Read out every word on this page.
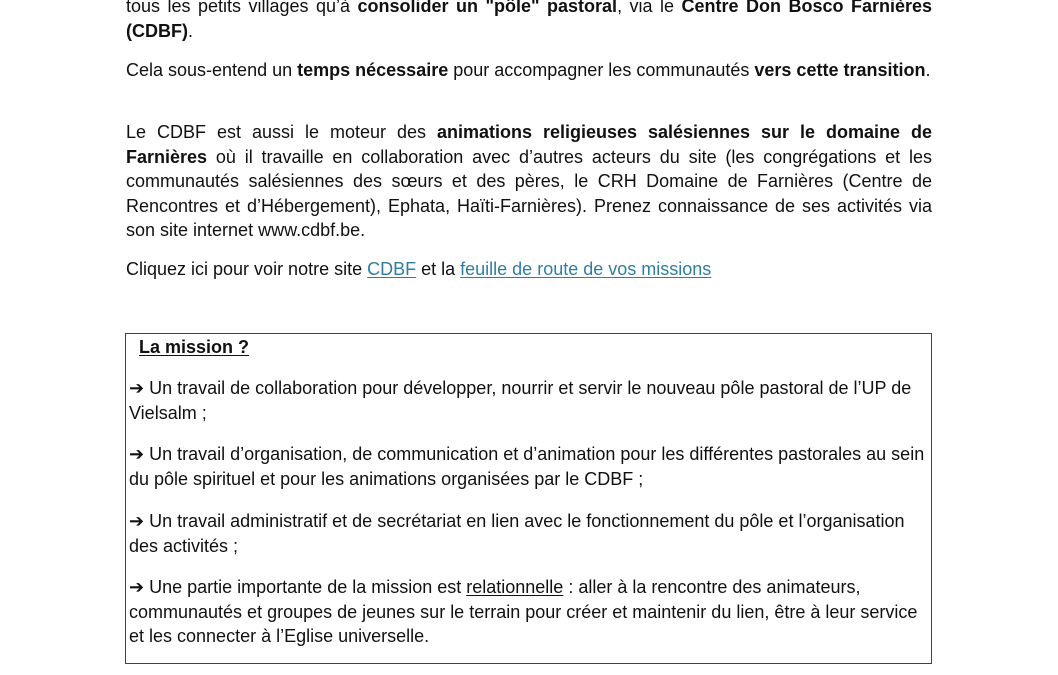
tous les petits villages qu’à consolider un "pôle" pastoral, via le Centre Don Bosco Farnières (CDBF).

Cela sous-entend un temps nécessaire pour accompagner les communautés vers cette transition.

Le CDBF est aussi le moteur des animations religieuses salésiennes sur le domaine de Farnières où il travaille en collaboration avec d’autres acteurs du site (les congrégations et les communautés salésiennes des sœurs et des pères, le CRH Domaine de Farnières (Centre de Rencontres et d’Hébergement), Ephata, Haïti-Farnières). Prenez connaissance de ses activités via son site internet www.cdbf.be.

Cliquez ici pour voir notre site CDBF et la feuille de route de vos missions

La mission ?

➔ Un travail de collaboration pour développer, nourrir et servir le nouveau pôle pastoral de l’UP de Vielsalm ;

➔ Un travail d’organisation, de communication et d’animation pour les différentes pastorales au sein du pôle spirituel et pour les animations organisées par le CDBF ;

➔ Un travail administratif et de secrétariat en lien avec le fonctionnement du pôle et l’organisation des activités ;

➔ Une partie importante de la mission est relationnelle : aller à la rencontre des animateurs, communautés et groupes de jeunes sur le terrain pour créer et maintenir du lien, être à leur service et les connecter à l’Eglise universelle.
